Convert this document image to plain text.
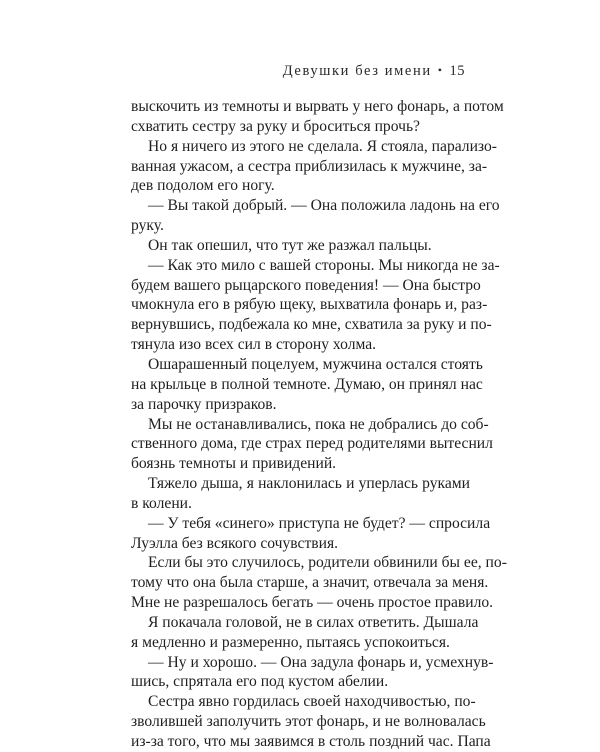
Девушки без имени • 15
выскочить из темноты и вырвать у него фонарь, а потом
схватить сестру за руку и броситься прочь?
Но я ничего из этого не сделала. Я стояла, парализо-
ванная ужасом, а сестра приблизилась к мужчине, за-
дев подолом его ногу.
— Вы такой добрый. — Она положила ладонь на его
руку.
Он так опешил, что тут же разжал пальцы.
— Как это мило с вашей стороны. Мы никогда не за-
будем вашего рыцарского поведения! — Она быстро
чмокнула его в рябую щеку, выхватила фонарь и, раз-
вернувшись, подбежала ко мне, схватила за руку и по-
тянула изо всех сил в сторону холма.
Ошарашенный поцелуем, мужчина остался стоять
на крыльце в полной темноте. Думаю, он принял нас
за парочку призраков.
Мы не останавливались, пока не добрались до соб-
ственного дома, где страх перед родителями вытеснил
боязнь темноты и привидений.
Тяжело дыша, я наклонилась и уперлась руками
в колени.
— У тебя «синего» приступа не будет? — спросила
Луэлла без всякого сочувствия.
Если бы это случилось, родители обвинили бы ее, по-
тому что она была старше, а значит, отвечала за меня.
Мне не разрешалось бегать — очень простое правило.
Я покачала головой, не в силах ответить. Дышала
я медленно и размеренно, пытаясь успокоиться.
— Ну и хорошо. — Она задула фонарь и, усмехнув-
шись, спрятала его под кустом абелии.
Сестра явно гордилась своей находчивостью, по-
зволившей заполучить этот фонарь, и не волновалась
из-за того, что мы заявимся в столь поздний час. Папа
